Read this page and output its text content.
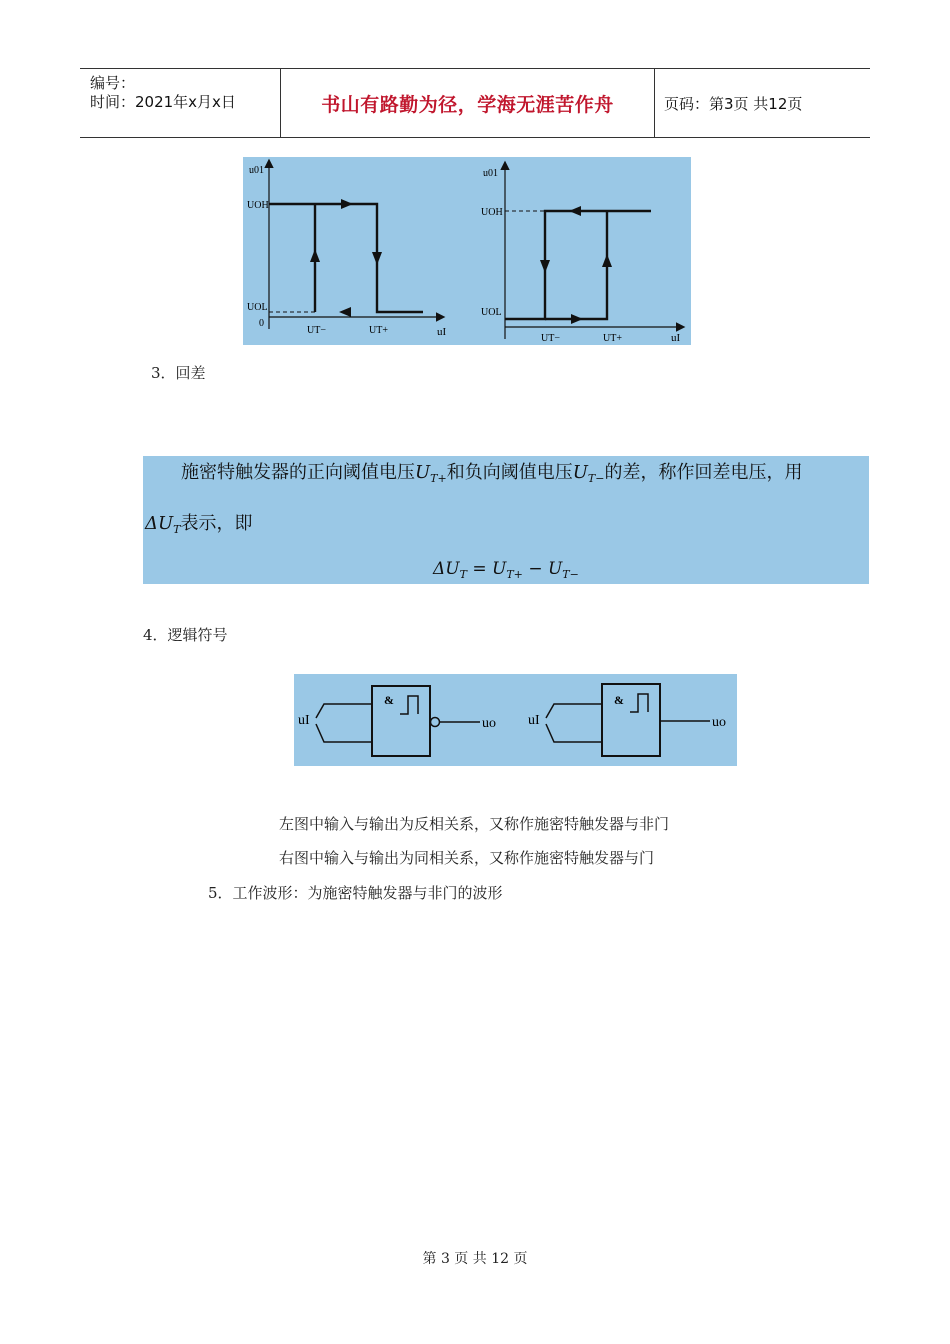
编号：
时间：2021年x月x日	书山有路勤为径，学海无涯苦作舟	页码：第3页 共12页
u01
UOH
UOL
0
UT−	UT+	uI
u01
UOH
UOL
UT−	UT+	uI
3．回差
施密特触发器的正向阈值电压$U_{T+}$和负向阈值电压$U_{T-}$的差，称作回差电压，用
$\Delta U_T$表示，即
$\Delta U_T = U_{T+} - U_{T-}$
4．逻辑符号
uI
&
uo uI
&
uo
左图中输入与输出为反相关系，又称作施密特触发器与非门
右图中输入与输出为同相关系，又称作施密特触发器与门
5．工作波形：为施密特触发器与非门的波形
第 3 页 共 12 页
